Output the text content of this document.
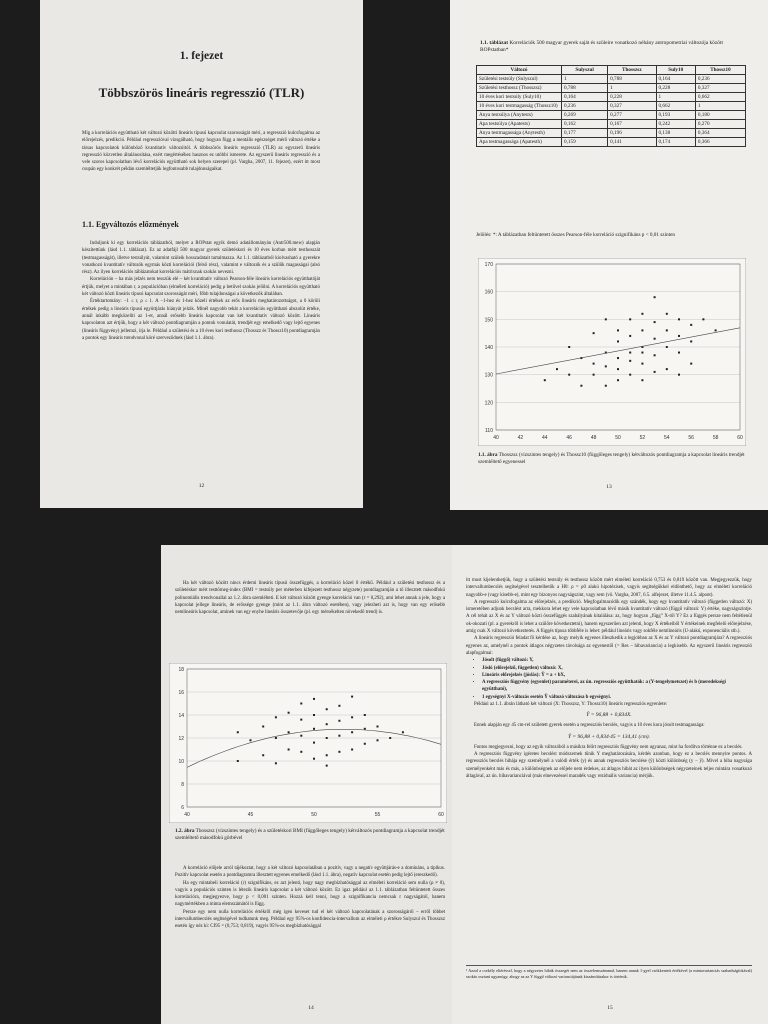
1. fejezet
Többszörös lineáris regresszió (TLR)

Míg a korrelációs együttható két változó közötti lineáris típusú kapcsolat szorosságát méri, a regresszió kulcsfogalma az előrejelzés, predikció. Például regresszióval vizsgálható, hogy hogyan függ a mentális egészséget mérő változó értéke a társas kapcsolatok különböző kvantitatív változóitól. A többszörös lineáris regresszió (TLR) az egyszerű lineáris regresszió közvetlen általánosítása, ezért megértéséhez hasznos ez utóbbi ismerete. Az egyszerű lineáris regresszió és a vele szoros kapcsolatban lévő korrelációs együttható sok helyen szerepel (pl. Vargha, 2007, 11. fejezet), ezért itt most csupán egy konkrét példán szemléltetjük legfontosabb tulajdonságaikat.

1.1. Egyváltozós előzmények

Induljunk ki egy korrelációs táblázatból, melyet a ROPstat egyik demó adatállományán (Antr500.mew) alapján készítettünk (lásd 1.1. táblázat). Ez az adatfájl 500 magyar gyerek születéskori és 10 éves korban mért testhosszát (testmagasságát), illetve testsúlyát, valamint szüleik hosszadatait tartalmazza. Az 1.1. táblázatból kiolvasható a gyerekre vonatkozó kvantitatív változók egymás közti korrelációi (felső rész), valamint e változók és a szülők magasságai (alsó rész). Az ilyen korrelációs táblázatokat korrelációs mátrixnak szokás nevezni.

Korreláción – ha más jelzés nem tesszük elé – két kvantitatív változó Pearson-féle lineáris korrelációs együtthatóját értjük, melyet a mintában r, a populációban (elméleti korreláció) pedig ρ betűvel szokás jelölni. A korrelációs együttható két változó közti lineáris típusú kapcsolat szorosságát méri, főbb tulajdonságai a következők általában.

Értéktartomány: −1 ≤ r, ρ ≤ 1. A −1-hez és 1-hez közeli értékek az erős lineáris meghatározottságot, a 0 körüli értékek pedig a lineáris típusú együttjárás hiányát jelzik. Minél nagyobb tehát a korrelációs együttható abszolút értéke, annál inkább megközelíti az 1-et, annál erősebb lineáris kapcsolat van két kvantitatív változó között. Lineáris kapcsolaton azt értjük, hogy a két változó pontdiagramján a pontok vonulatát, trendjét egy emelkedő vagy lejtő egyenes (lineáris függvény) jellemzi, írja le. Például a születési és a 10 éves kori testhossz (Thosszz és Thossz10) pontdiagramján a pontok egy lineáris trendvonal köré szerveződnek (lásd 1.1. ábra).

12
1.1. táblázat Korrelációk 500 magyar gyerek saját és szüleire vonatkozó néhány antropometriai változója között ROPstatban*
Változó	Sulyszul	Thosszsz	Suly10	Thossz10
Születési testsúly (Sulyszul)	1	0,788	0,164	0,236
Születési testhossz (Thosszsz)	0,788	1	0,228	0,327
10 éves kori testsúly (Suly10)	0,164	0,228	1	0,662
10 éves kori testmagasság (Thossz10)	0,236	0,327	0,662	1
Anya testsúlya (Anytests)	0,269	0,277	0,193	0,180
Apa testsúlya (Apatests)	0,162	0,167	0,242	0,270
Anya testmagassága (Anytesth)	0,177	0,196	0,138	0,364
Apa testmagassága (Apatesth)	0,159	0,141	0,174	0,366
Jelölés: *: A táblázatban feltüntetett összes Pearson-féle korreláció szignifikáns p < 0,01 szinten
110
120
130
140
150
160
170
40	42	44	46	48	50	52	54	56	58	60
1.1. ábra Thosszsz (vízszintes tengely) és Thossz10 (függőleges tengely) kétváltozós pontdiagramja a kapcsolat lineáris trendjét szemléltető egyenessel
13

Ha két változó között nincs érdemi lineáris típusú összefüggés, a korreláció közel 0 értékű. Például a születési testhossz és a születéskor mért testtömeg-index (BMI = testsúly per méterben kifejezett testhossz négyzete) pontdiagramján a tő illesztett másodfokú polinomiális trendvonallal az 1.2. ábra szemlélteti. E két változó között gyenge korreláció van (r = 0,292), ami lehet annak a jele, hogy a kapcsolat jellege lineáris, de erőssége gyenge (mint az 1.1. ábra változó esetében), vagy jelezheti azt is, hogy van egy erősebb nemlineáris kapcsolat, aminek van egy enyhe lineáris összetevője (pl. egy mérsékelten növekedő trend) is.

6
8
10
12
14
16
18
40	45	50	55	60
1.2. ábra Thosszsz (vízszintes tengely) és a születéskori BMI (függőleges tengely) kétváltozós pontdiagramja a kapcsolat trendjét szemléltető másodfokú görbével

A korreláció előjele arról tájékoztat, hogy a két változó kapcsolatában a pozitív, vagy a negatív együttjárás-e a domináns, a tipikus. Pozitív kapcsolat esetén a pontdiagramra illesztett egyenes emelkedő (lásd 1.1. ábra), negatív kapcsolat esetén pedig lejtő (ereszkedő).

Ha egy mintabeli korreláció (r) szignifikáns, ez azt jelenti, hogy nagy megbízhatósággal az elméleti korreláció sem nulla (ρ ≠ 0), vagyis a populációs szinten is létezik lineáris kapcsolat a két változó között. Ez igaz például az 1.1. táblázatban feltüntetett összes korrelációra, megjegyezve, hogy p < 0,001 szinten. Hozzá kell tenni, hogy a szignifikancia nemcsak r nagyságától, hanem nagymértékben a minta elemszámától is függ.

Persze egy nem nulla korrelációs értékről még igen keveset tud el két változó kapcsolatának a szorosságáról – erről többet intervallumbecslés segítségével tudhatunk meg. Például egy 95%-os konfidencia-intervallum az elméleti ρ értékre Sulyszul és Thosszsz esetén így néz ki: CI95 = (0,753; 0,819), vagyis 95%-os megbízhatósággal

14

itt most kijelenthetjük, hogy a születési testsúly és testhossz között mért elméleti korreláció 0,753 és 0,819 között van. Megjegyezzük, hogy intervallumbecslés segítségével tesztelhetők a H0: ρ = ρ0 alakú hipotézisek, vagyis segítségükkel eldönthető, hogy az elméleti korreláció nagyobb-e (vagy kisebb-e), mint egy bizonyos nagyságszint, vagy sem (vö. Vargha, 2007, 6.5. alfejezet, illetve 11.4.5. alpont).

A regresszió kulcsfogalma az előrejelzés, a predikció. Megfogalmazódik egy szándék, hogy egy kvantitatív változó (független változó: X) ismeretében adjunk becslést arra, mekkora lehet egy vele kapcsolatban lévő másik kvantitatív változó (függő változó: Y) értéke, nagyságszintje. A cél tehát az X és az Y változó közti összefüggés szabályának kitalálása: az, hogy hogyan „függ” X-től Y? Ez a függés persze nem feltétlenül ok-okozati (pl. a gyerekről is lehet a szülőre következtetni), hanem egyszerűen azt jelenti, hogy X értékeiből Y értékeinek megfelelő előrejelzése, amíg csak X változó következtetés. A függés típusa többféle is lehet: például lineáris vagy sokféle nemlineáris (U-alakú, exponenciális stb.).

A lineáris regresszió feladat fő kérdése az, hogy melyik egyenes illeszkedik a legjobban az X és az Y változó pontdiagramjára? A regressziós egyenes az, amelynél a pontok átlagos négyzetes távolsága az egyenestől (= Res – hibavariancia) a legkisebb. Az egyszerű lineáris regresszió alapfogalmai:

• Jósolt (függő) változó: Y,
• Jósló (előrejelző, független) változó: X,
• Lineáris előrejelzés (jóslás): Ŷ = a + bX,
• A regressziós függvény (egyenlet) paraméterei, az ún. regressziós együtthatók: a (Y-tengelymetszet) és b (meredekségi együttható),
• 1 egységnyi X-változás esetén Ŷ változó változása b egységnyi.

Például az 1.1. ábrán látható két változó (X: Thosszsz, Y: Thossz10) lineáris regressziós egyenlete:

Ŷ = 96,88 + 0,834X.

Ennek alapján egy 45 cm-rel született gyerek esetén a regressziós becslés, vagyis a 10 éves kora jósolt testmagassága:

Ŷ = 96,88 + 0,834·45 = 134,41 (cm).

Fontos megjegyezni, hogy az egyik változóból a másikra felírt regressziós függvény nem ugyanaz, mint ha fordítva történne ez a becslés.

A regressziós függvény igéretes becslést módszernek tűnik Y meghatározására, kérdés azonban, hogy ez a becslés mennyire pontos. A regressziós becslés hibája egy személynél a valódi érték (y) és annak regressziós becslése (ŷ) közti különbség (y − ŷ). Mivel a hiba nagysága személyenként más és más, a különbségnek az előjele nem érdekes, az átlagos hibát az ilyen különbségek négyzeteinek teljes mintára vonatkozó átlagával, az ún. hibavarianciával (más elnevezéssel maradék vagy reziduális variancia) mérjük.

¹ Azzal a csekély eltéréssel, hogy a négyzetes hibák összegét nem az összelemszámmal, hanem annak 1-gyel csökkentett értékével (a mintavarianciás szabadságfokával) szokás osztani ugyanúgy, ahogy az az Y függő változó varianciájának kiszámításakor is történik.
15
